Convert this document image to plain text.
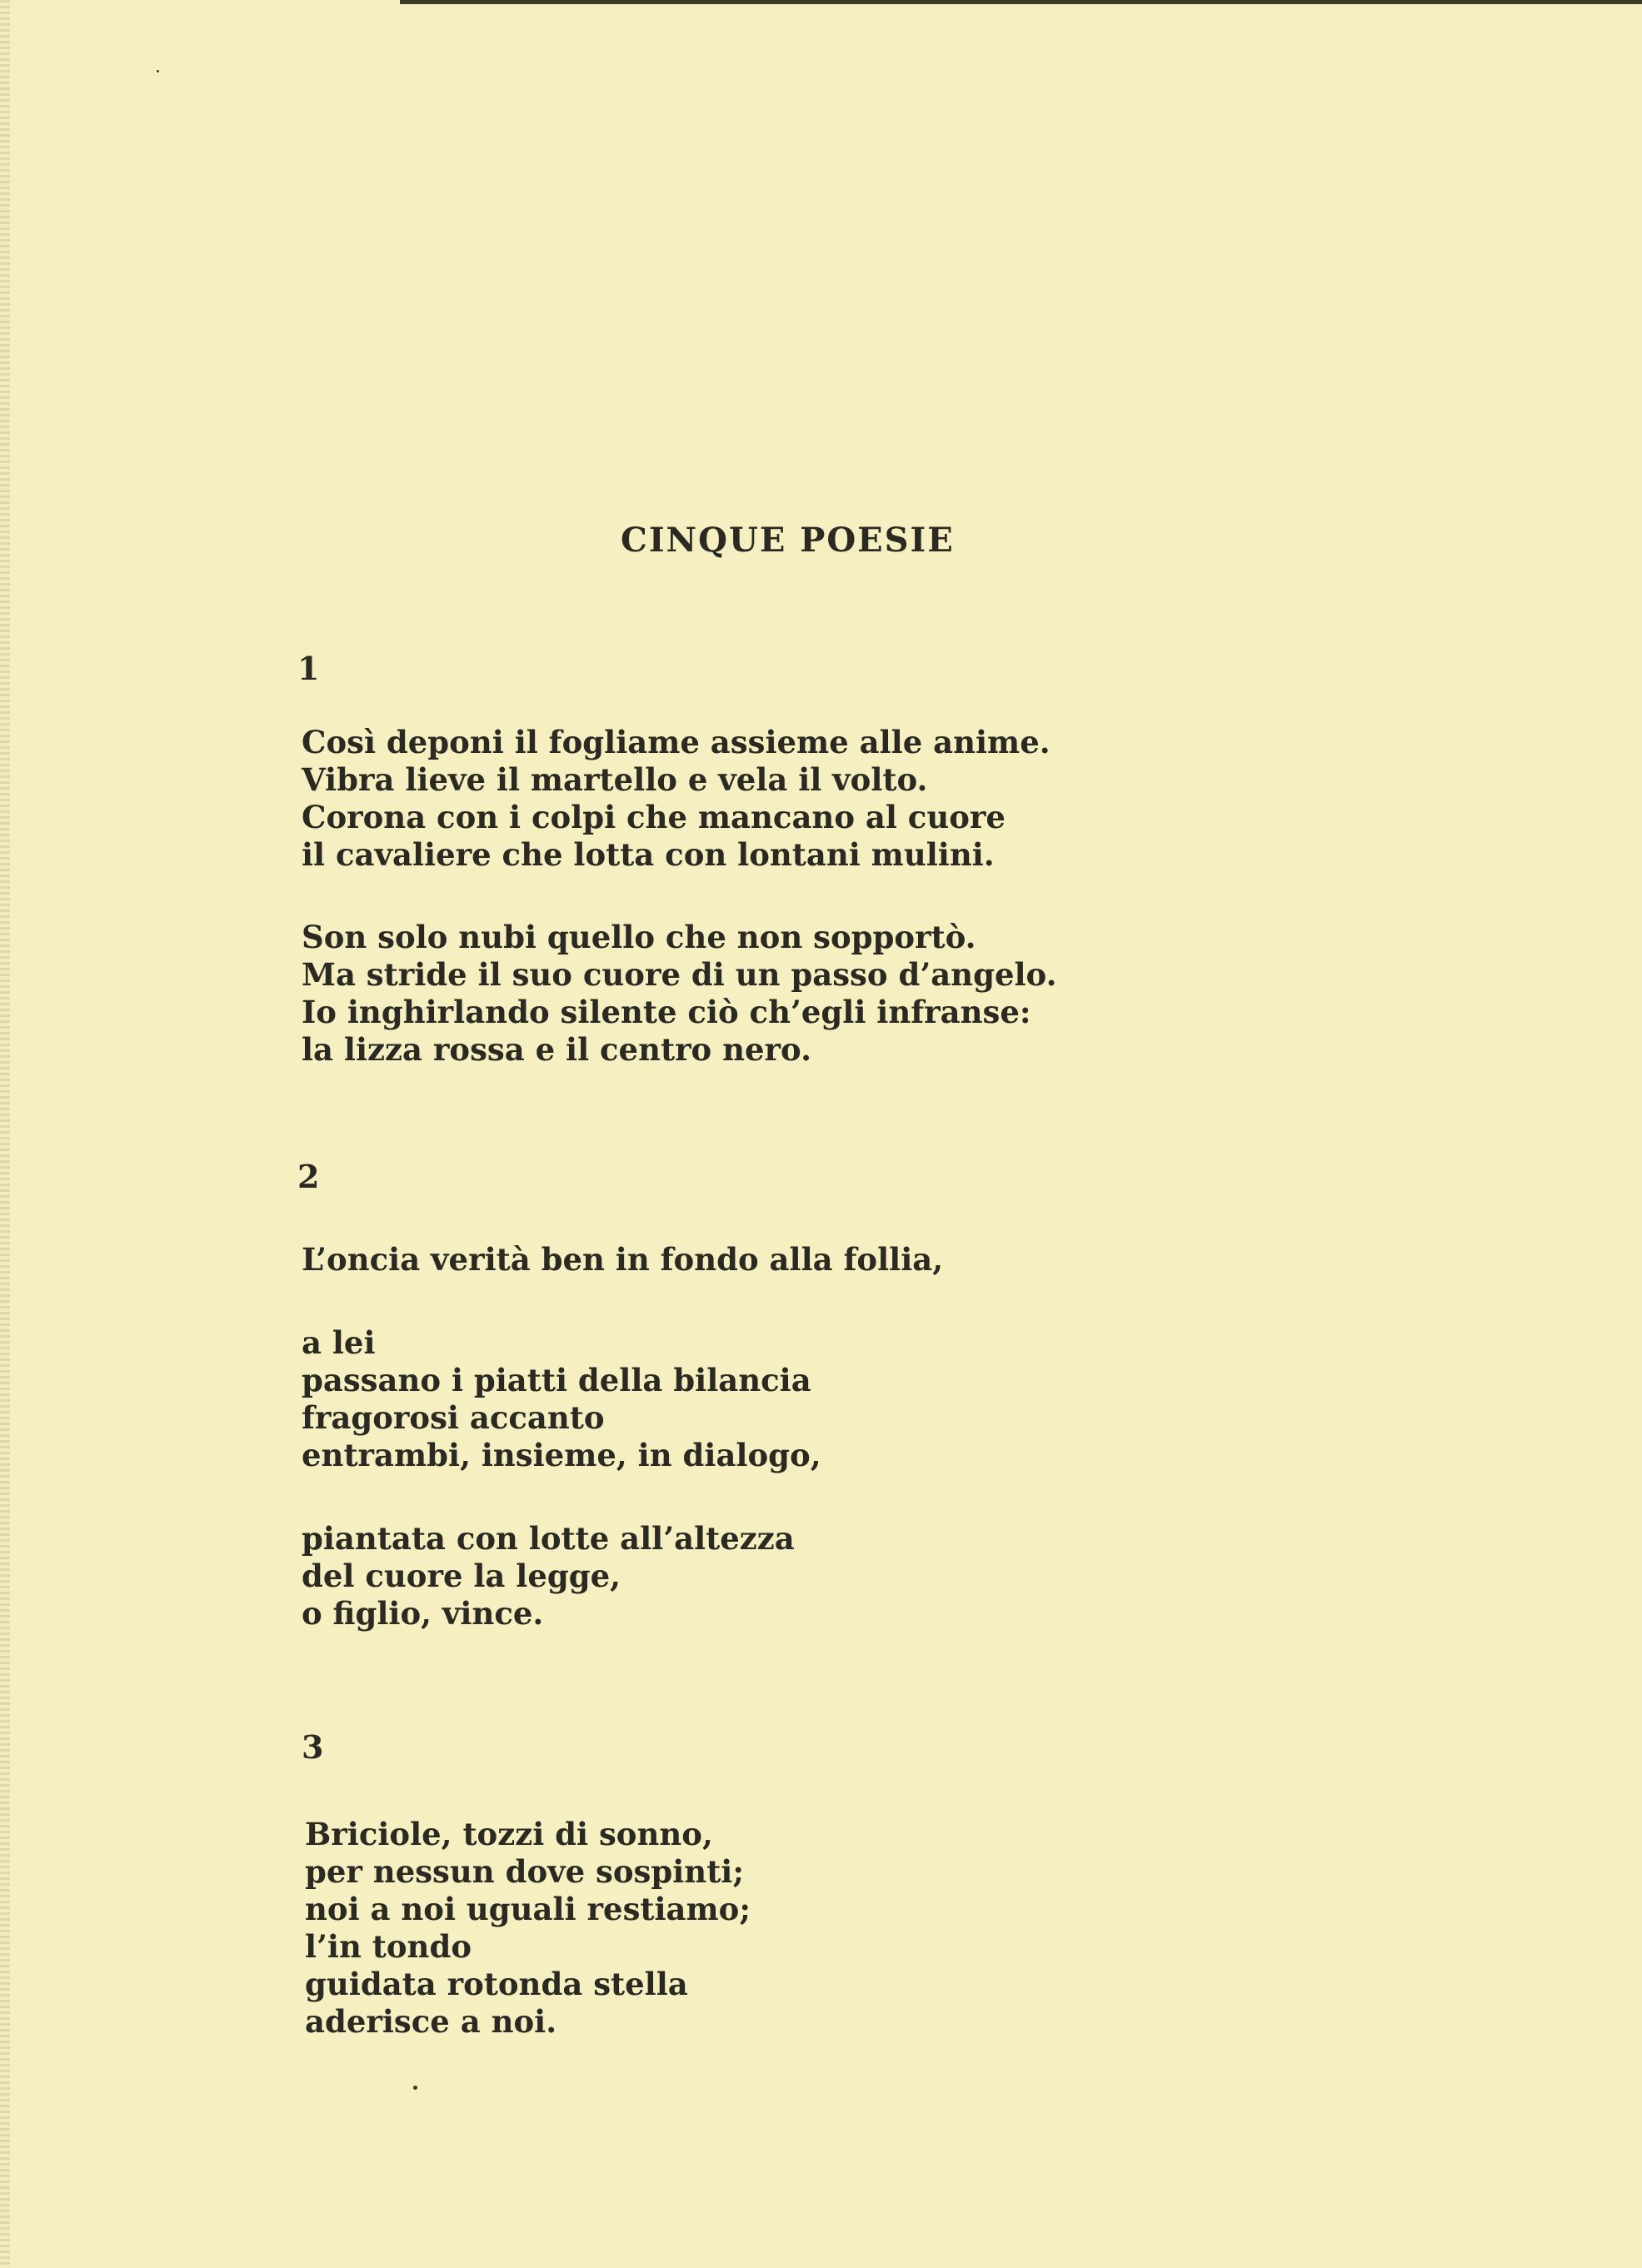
CINQUE POESIE
1
Così deponi il fogliame assieme alle anime.
Vibra lieve il martello e vela il volto.
Corona con i colpi che mancano al cuore
il cavaliere che lotta con lontani mulini.
Son solo nubi quello che non sopportò.
Ma stride il suo cuore di un passo d’angelo.
Io inghirlando silente ciò ch’egli infranse:
la lizza rossa e il centro nero.
2
L’oncia verità ben in fondo alla follia,
a lei
passano i piatti della bilancia
fragorosi accanto
entrambi, insieme, in dialogo,
piantata con lotte all’altezza
del cuore la legge,
o figlio, vince.
3
Briciole, tozzi di sonno,
per nessun dove sospinti;
noi a noi uguali restiamo;
l’in tondo
guidata rotonda stella
aderisce a noi.
